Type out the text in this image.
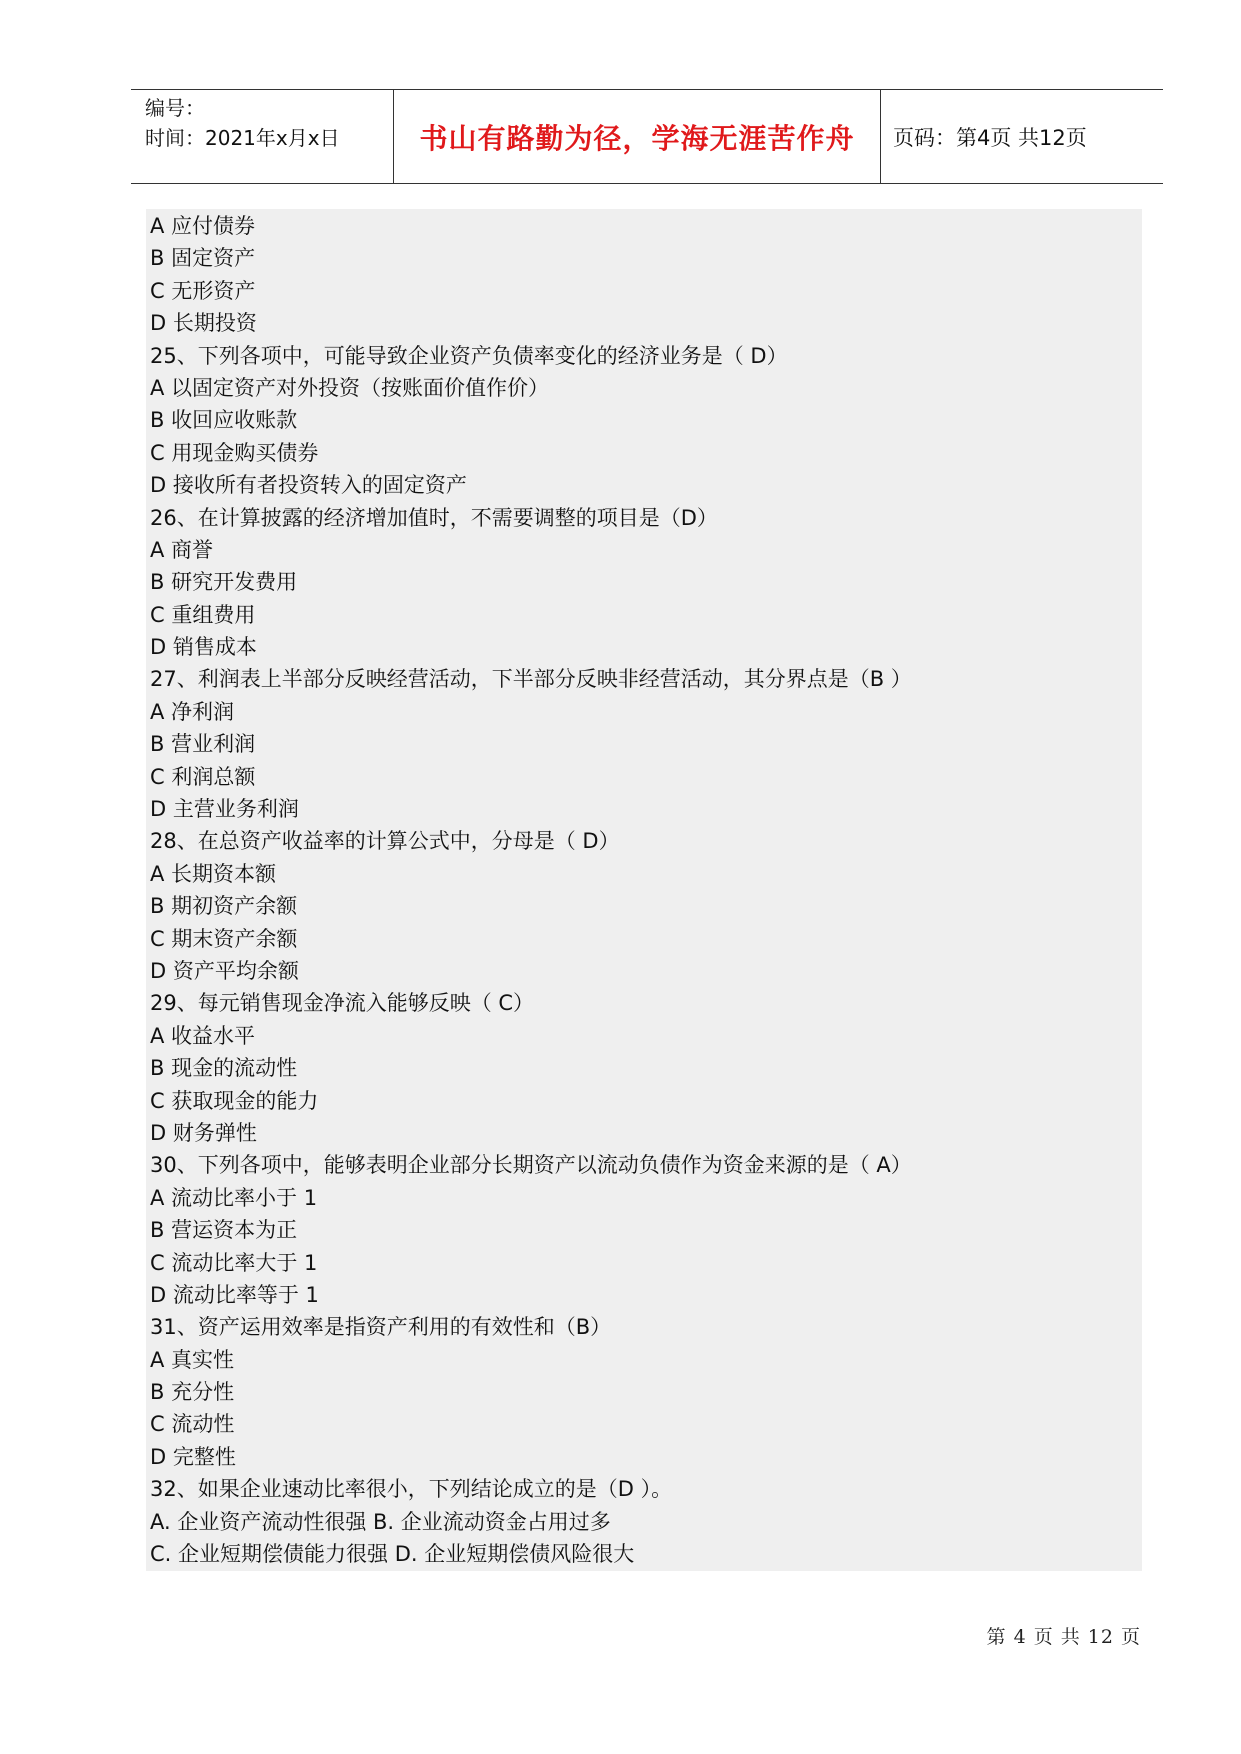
编号：
时间：2021年x月x日	书山有路勤为径，学海无涯苦作舟	页码：第4页 共12页
A 应付债券
B 固定资产
C 无形资产
D 长期投资
25、下列各项中，可能导致企业资产负债率变化的经济业务是（ D）
A 以固定资产对外投资（按账面价值作价）
B 收回应收账款
C 用现金购买债券
D 接收所有者投资转入的固定资产
26、在计算披露的经济增加值时，不需要调整的项目是（D）
A 商誉
B 研究开发费用
C 重组费用
D 销售成本
27、利润表上半部分反映经营活动，下半部分反映非经营活动，其分界点是（B ）
A 净利润
B 营业利润
C 利润总额
D 主营业务利润
28、在总资产收益率的计算公式中，分母是（ D）
A 长期资本额
B 期初资产余额
C 期末资产余额
D 资产平均余额
29、每元销售现金净流入能够反映（ C）
A 收益水平
B 现金的流动性
C 获取现金的能力
D 财务弹性
30、下列各项中，能够表明企业部分长期资产以流动负债作为资金来源的是（ A）
A 流动比率小于 1
B 营运资本为正
C 流动比率大于 1
D 流动比率等于 1
31、资产运用效率是指资产利用的有效性和（B）
A 真实性
B 充分性
C 流动性
D 完整性
32、如果企业速动比率很小，下列结论成立的是（D ）。
A. 企业资产流动性很强 B. 企业流动资金占用过多
C. 企业短期偿债能力很强 D. 企业短期偿债风险很大
第 4 页 共 12 页
